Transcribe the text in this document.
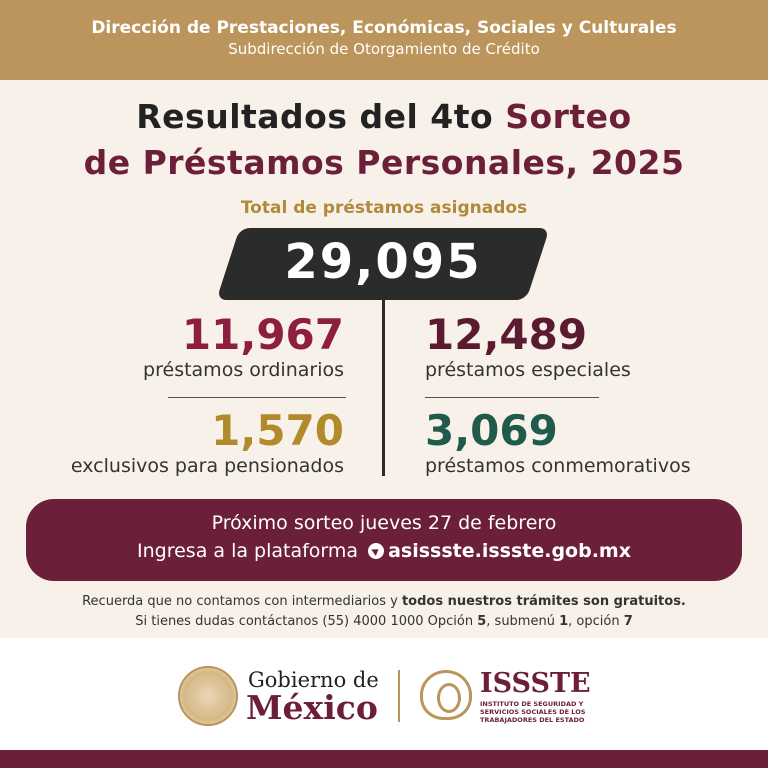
Dirección de Prestaciones, Económicas, Sociales y Culturales
Subdirección de Otorgamiento de Crédito
Resultados del 4to Sorteo
de Préstamos Personales, 2025
Total de préstamos asignados
29,095
11,967
préstamos ordinarios
12,489
préstamos especiales
1,570
exclusivos para pensionados
3,069
préstamos conmemorativos
Próximo sorteo jueves 27 de febrero
Ingresa a la plataforma asissste.issste.gob.mx
Recuerda que no contamos con intermediarios y todos nuestros trámites son gratuitos.
Si tienes dudas contáctanos (55) 4000 1000 Opción 5, submenú 1, opción 7
Gobierno de
México
ISSSTE
INSTITUTO DE SEGURIDAD Y SERVICIOS SOCIALES DE LOS TRABAJADORES DEL ESTADO
